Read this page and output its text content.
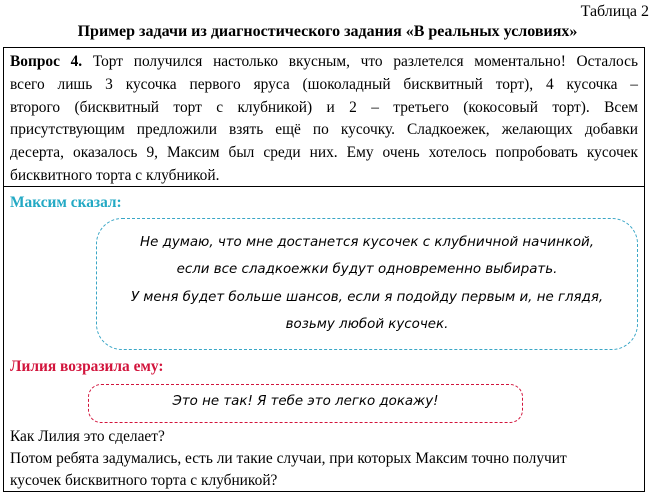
Таблица 2
Пример задачи из диагностического задания «В реальных условиях»
Вопрос 4. Торт получился настолько вкусным, что разлетелся моментально! Осталось
всего лишь 3 кусочка первого яруса (шоколадный бисквитный торт), 4 кусочка –
второго (бисквитный торт с клубникой) и 2 – третьего (кокосовый торт). Всем
присутствующим предложили взять ещё по кусочку. Сладкоежек, желающих добавки
десерта, оказалось 9, Максим был среди них. Ему очень хотелось попробовать кусочек
бисквитного торта с клубникой.
Максим сказал:
Не думаю, что мне достанется кусочек с клубничной начинкой,
если все сладкоежки будут одновременно выбирать.
У меня будет больше шансов, если я подойду первым и, не глядя,
возьму любой кусочек.
Лилия возразила ему:
Это не так! Я тебе это легко докажу!
Как Лилия это сделает?
Потом ребята задумались, есть ли такие случаи, при которых Максим точно получит
кусочек бисквитного торта с клубникой?
